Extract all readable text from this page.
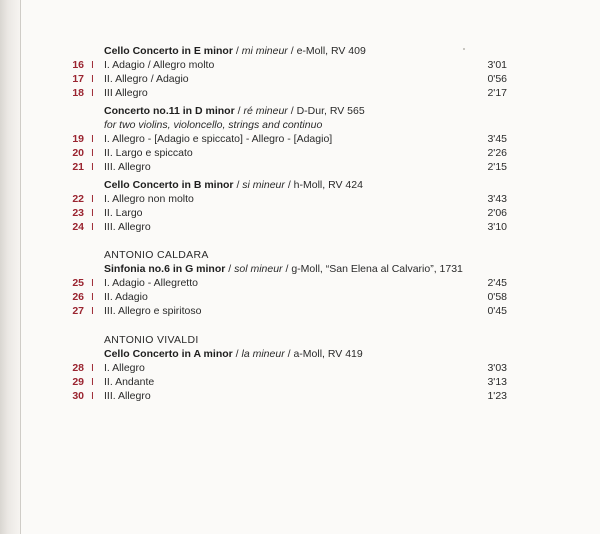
Cello Concerto in E minor / mi mineur / e-Moll, RV 409
16 I I. Adagio / Allegro molto	3'01
17 I II. Allegro / Adagio	0'56
18 I III Allegro	2'17
Concerto no.11 in D minor / ré mineur / D-Dur, RV 565
for two violins, violoncello, strings and continuo
19 I I. Allegro - [Adagio e spiccato] - Allegro - [Adagio]	3'45
20 I II. Largo e spiccato	2'26
21 I III. Allegro	2'15
Cello Concerto in B minor / si mineur / h-Moll, RV 424
22 I I. Allegro non molto	3'43
23 I II. Largo	2'06
24 I III. Allegro	3'10
ANTONIO CALDARA
Sinfonia no.6 in G minor / sol mineur / g-Moll, “San Elena al Calvario”, 1731
25 I I. Adagio - Allegretto	2'45
26 I II. Adagio	0'58
27 I III. Allegro e spiritoso	0'45
ANTONIO VIVALDI
Cello Concerto in A minor / la mineur / a-Moll, RV 419
28 I I. Allegro	3'03
29 I II. Andante	3'13
30 I III. Allegro	1'23
